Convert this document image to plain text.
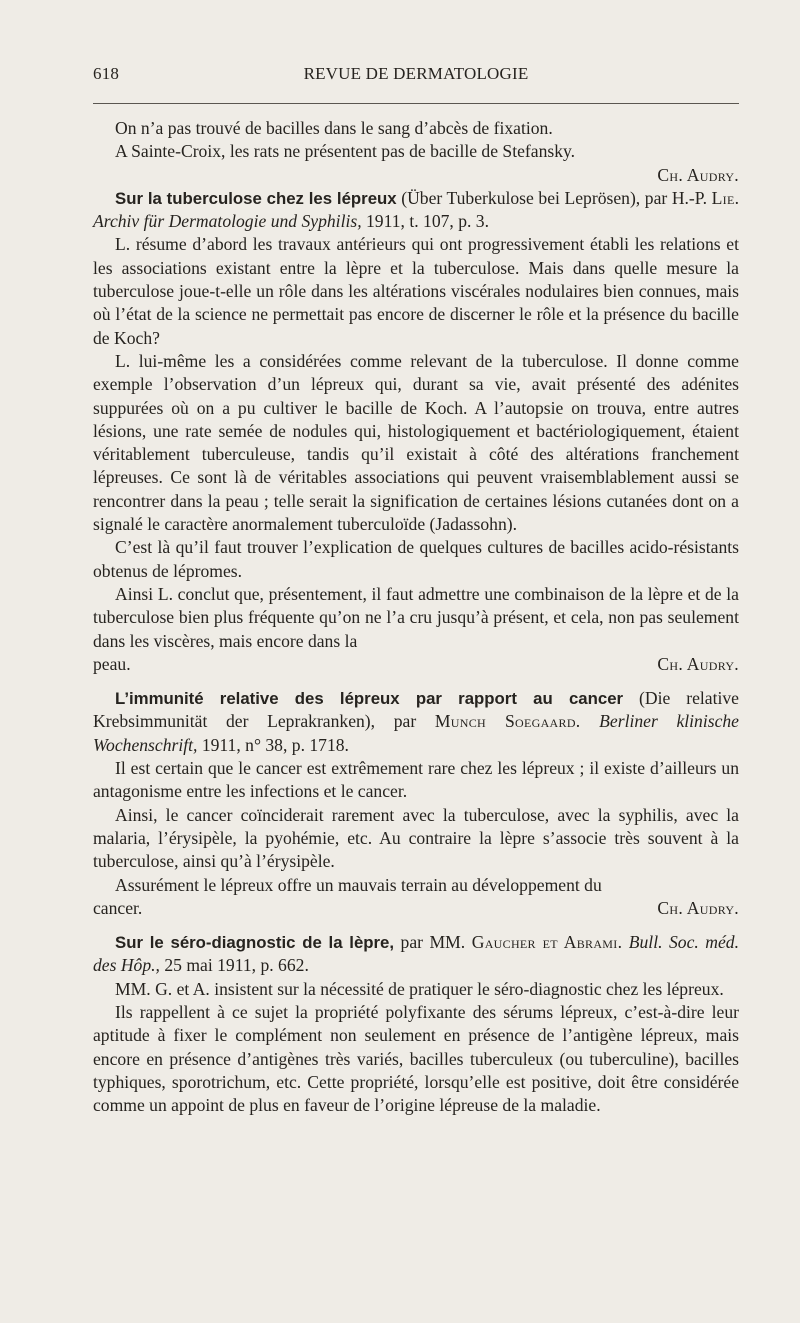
618	REVUE DE DERMATOLOGIE

On n’a pas trouvé de bacilles dans le sang d’abcès de fixation.

A Sainte-Croix, les rats ne présentent pas de bacille de Stefansky.

Ch. Audry.

Sur la tuberculose chez les lépreux (Über Tuberkulose bei Leprösen), par H.-P. Lie. Archiv für Dermatologie und Syphilis, 1911, t. 107, p. 3.

L. résume d’abord les travaux antérieurs qui ont progressivement établi les relations et les associations existant entre la lèpre et la tuberculose. Mais dans quelle mesure la tuberculose joue-t-elle un rôle dans les altérations viscérales nodulaires bien connues, mais où l’état de la science ne permettait pas encore de discerner le rôle et la présence du bacille de Koch?

L. lui-même les a considérées comme relevant de la tuberculose. Il donne comme exemple l’observation d’un lépreux qui, durant sa vie, avait présenté des adénites suppurées où on a pu cultiver le bacille de Koch. A l’autopsie on trouva, entre autres lésions, une rate semée de nodules qui, histologiquement et bactériologiquement, étaient véritablement tuberculeuse, tandis qu’il existait à côté des altérations franchement lépreuses. Ce sont là de véritables associations qui peuvent vraisemblablement aussi se rencontrer dans la peau ; telle serait la signification de certaines lésions cutanées dont on a signalé le caractère anormalement tuberculoïde (Jadassohn).

C’est là qu’il faut trouver l’explication de quelques cultures de bacilles acido-résistants obtenus de lépromes.

Ainsi L. conclut que, présentement, il faut admettre une combinaison de la lèpre et de la tuberculose bien plus fréquente qu’on ne l’a cru jusqu’à présent, et cela, non pas seulement dans les viscères, mais encore dans la

peau.	Ch. Audry.

L’immunité relative des lépreux par rapport au cancer (Die relative Krebsimmunität der Leprakranken), par Munch Soegaard. Berliner klinische Wochenschrift, 1911, n° 38, p. 1718.

Il est certain que le cancer est extrêmement rare chez les lépreux ; il existe d’ailleurs un antagonisme entre les infections et le cancer.

Ainsi, le cancer coïnciderait rarement avec la tuberculose, avec la syphilis, avec la malaria, l’érysipèle, la pyohémie, etc. Au contraire la lèpre s’associe très souvent à la tuberculose, ainsi qu’à l’érysipèle.

Assurément le lépreux offre un mauvais terrain au développement du

cancer.	Ch. Audry.

Sur le séro-diagnostic de la lèpre, par MM. Gaucher et Abrami. Bull. Soc. méd. des Hôp., 25 mai 1911, p. 662.

MM. G. et A. insistent sur la nécessité de pratiquer le séro-diagnostic chez les lépreux.

Ils rappellent à ce sujet la propriété polyfixante des sérums lépreux, c’est-à-dire leur aptitude à fixer le complément non seulement en présence de l’antigène lépreux, mais encore en présence d’antigènes très variés, bacilles tuberculeux (ou tuberculine), bacilles typhiques, sporotrichum, etc. Cette propriété, lorsqu’elle est positive, doit être considérée comme un appoint de plus en faveur de l’origine lépreuse de la maladie.
